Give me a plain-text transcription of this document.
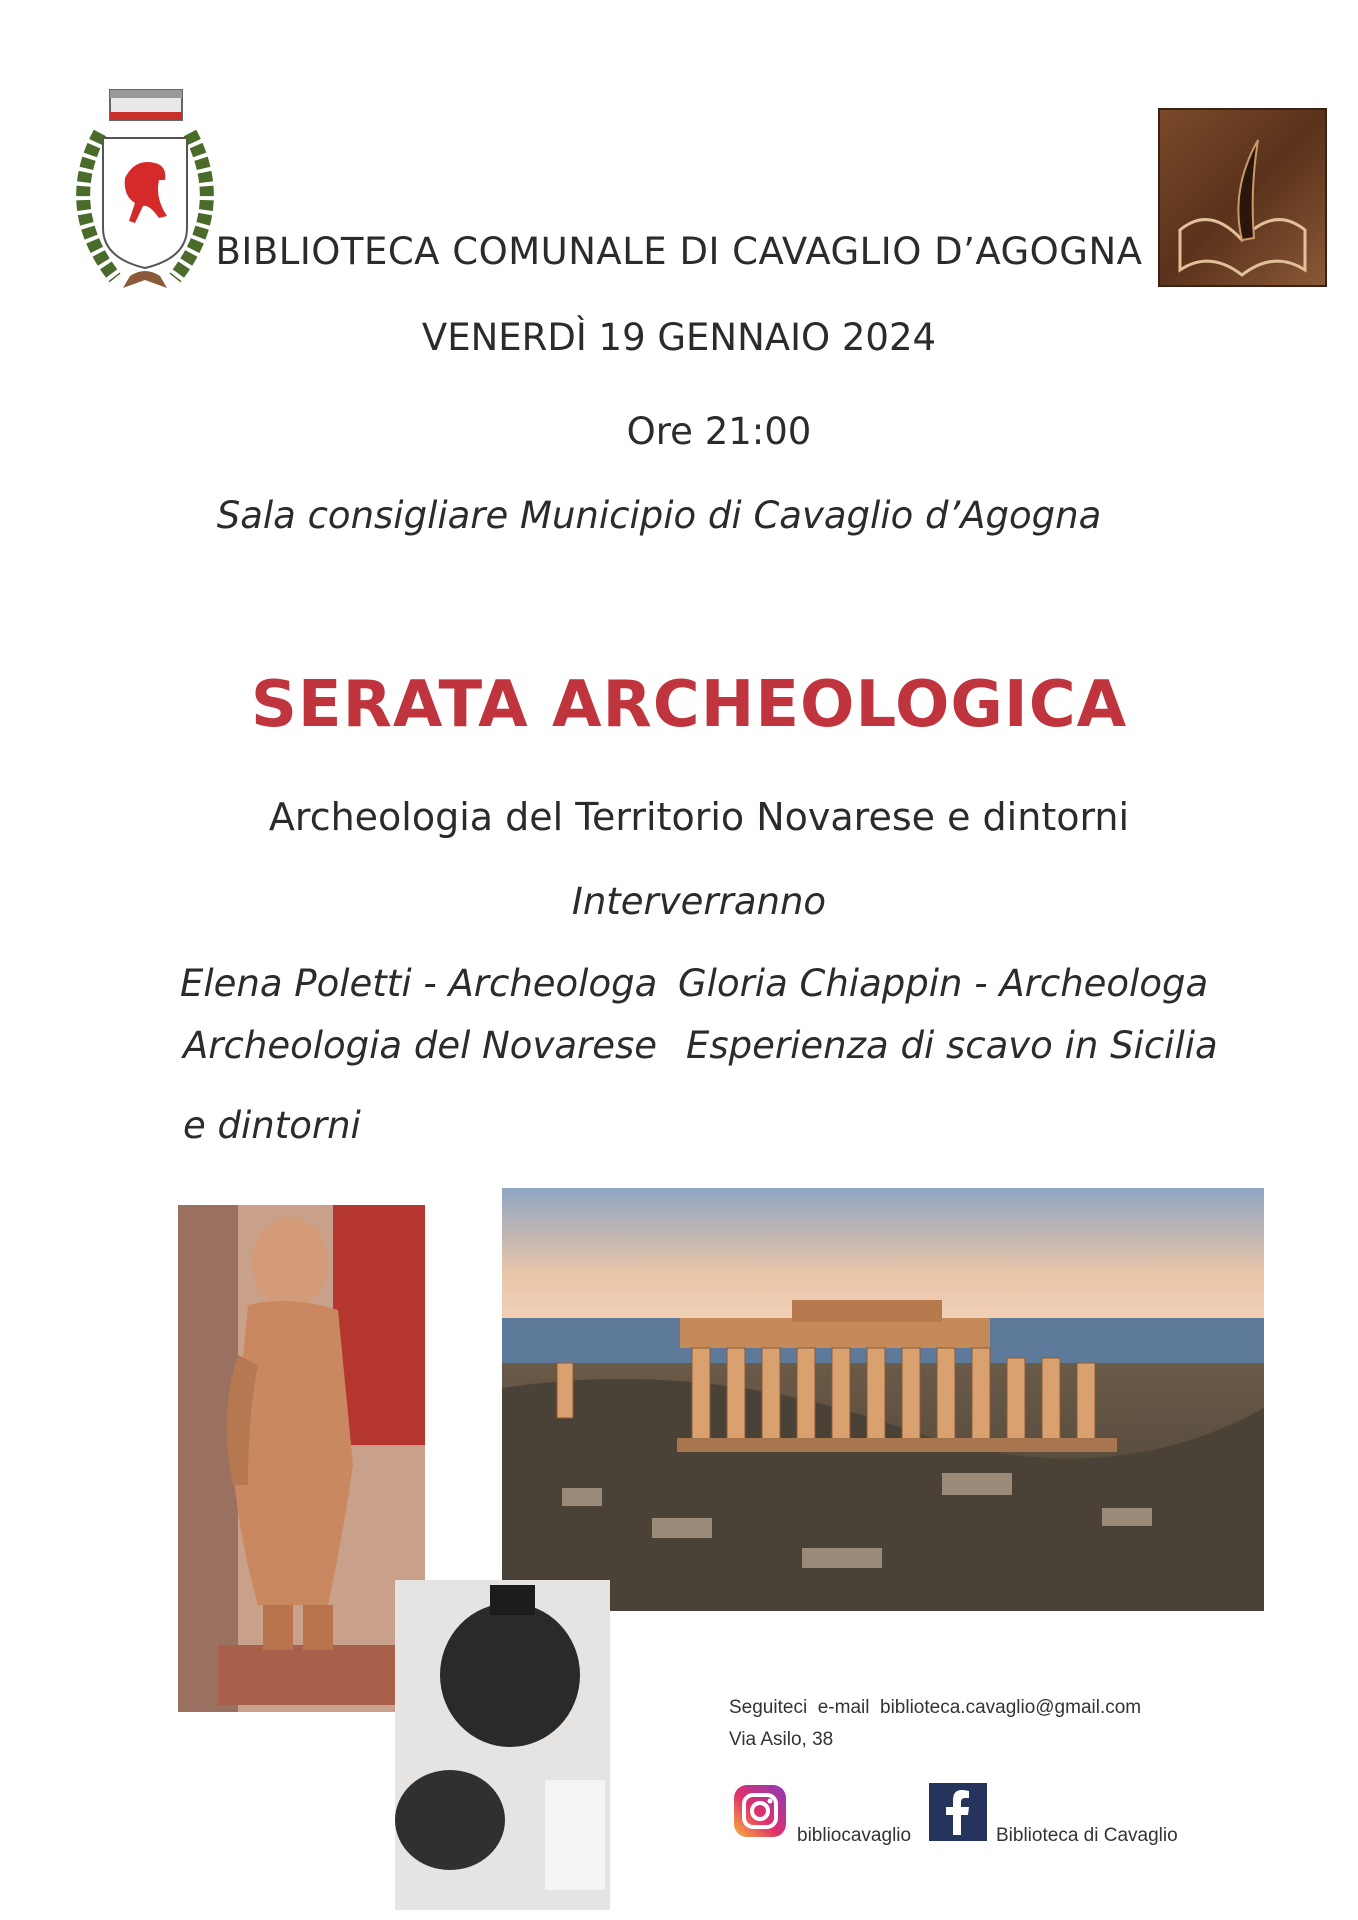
BIBLIOTECA COMUNALE DI CAVAGLIO D’AGOGNA
VENERDÌ 19 GENNAIO 2024
Ore 21:00
Sala consigliare Municipio di Cavaglio d’Agogna
SERATA ARCHEOLOGICA
Archeologia del Territorio Novarese e dintorni
Interverranno
Elena Poletti - Archeologa
Archeologia del Novarese
e dintorni
Gloria Chiappin - Archeologa
Esperienza di scavo in Sicilia
Seguiteci  e-mail  biblioteca.cavaglio@gmail.com
Via Asilo, 38
bibliocavaglio	Biblioteca di Cavaglio
